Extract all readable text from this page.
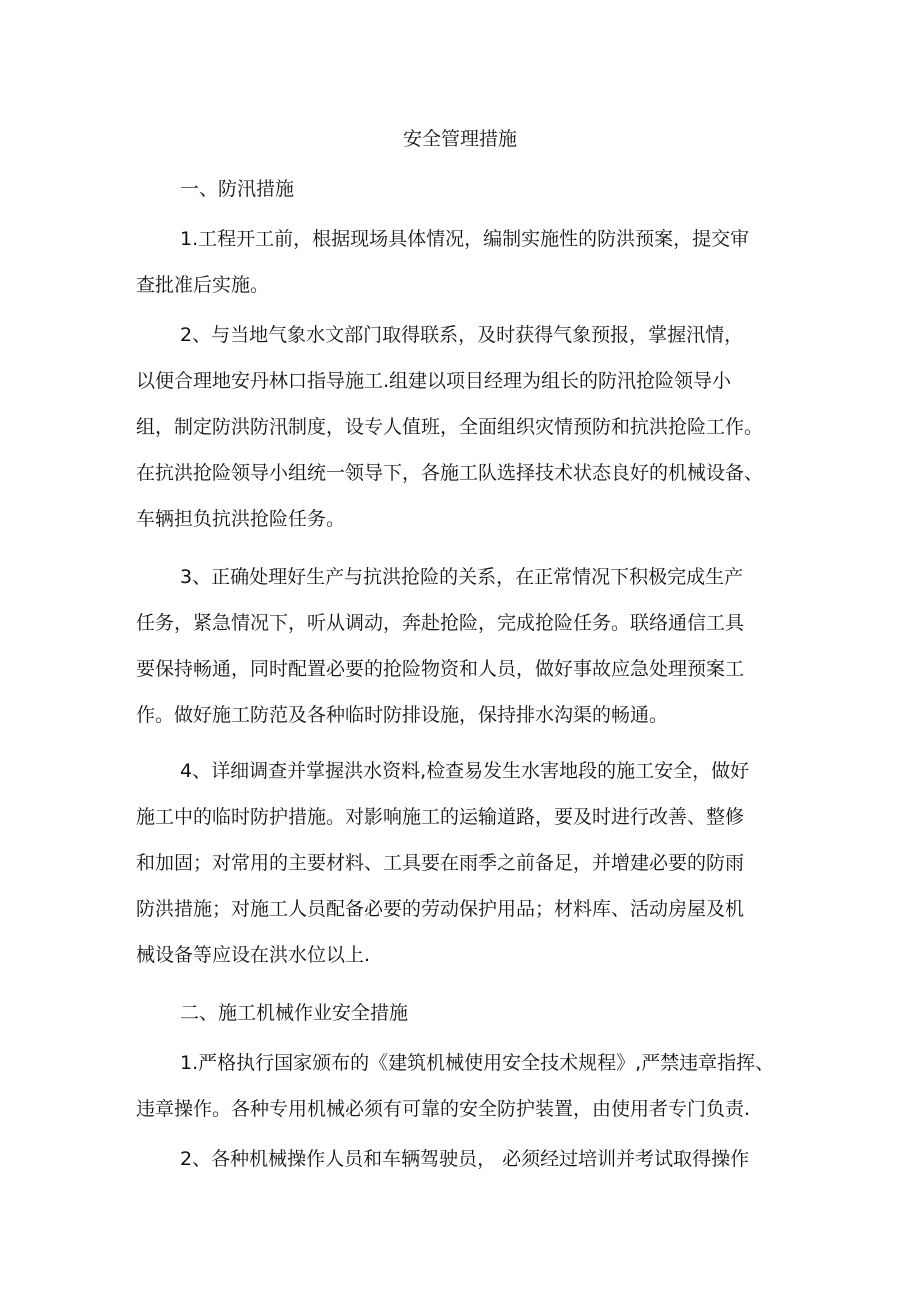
安全管理措施
一、防汛措施
1.工程开工前，根据现场具体情况，编制实施性的防洪预案，提交审
查批准后实施。
2、与当地气象水文部门取得联系，及时获得气象预报，掌握汛情，
以便合理地安丹林口指导施工.组建以项目经理为组长的防汛抢险领导小
组，制定防洪防汛制度，设专人值班，全面组织灾情预防和抗洪抢险工作。
在抗洪抢险领导小组统一领导下，各施工队选择技术状态良好的机械设备、
车辆担负抗洪抢险任务。
3、正确处理好生产与抗洪抢险的关系，在正常情况下积极完成生产
任务，紧急情况下，听从调动，奔赴抢险，完成抢险任务。联络通信工具
要保持畅通，同时配置必要的抢险物资和人员，做好事故应急处理预案工
作。做好施工防范及各种临时防排设施，保持排水沟渠的畅通。
4、详细调查并掌握洪水资料,检查易发生水害地段的施工安全，做好
施工中的临时防护措施。对影响施工的运输道路，要及时进行改善、整修
和加固；对常用的主要材料、工具要在雨季之前备足，并增建必要的防雨
防洪措施；对施工人员配备必要的劳动保护用品；材料库、活动房屋及机
械设备等应设在洪水位以上.
二、施工机械作业安全措施
1.严格执行国家颁布的《建筑机械使用安全技术规程》,严禁违章指挥、
违章操作。各种专用机械必须有可靠的安全防护装置，由使用者专门负责.
2、各种机械操作人员和车辆驾驶员， 必须经过培训并考试取得操作
